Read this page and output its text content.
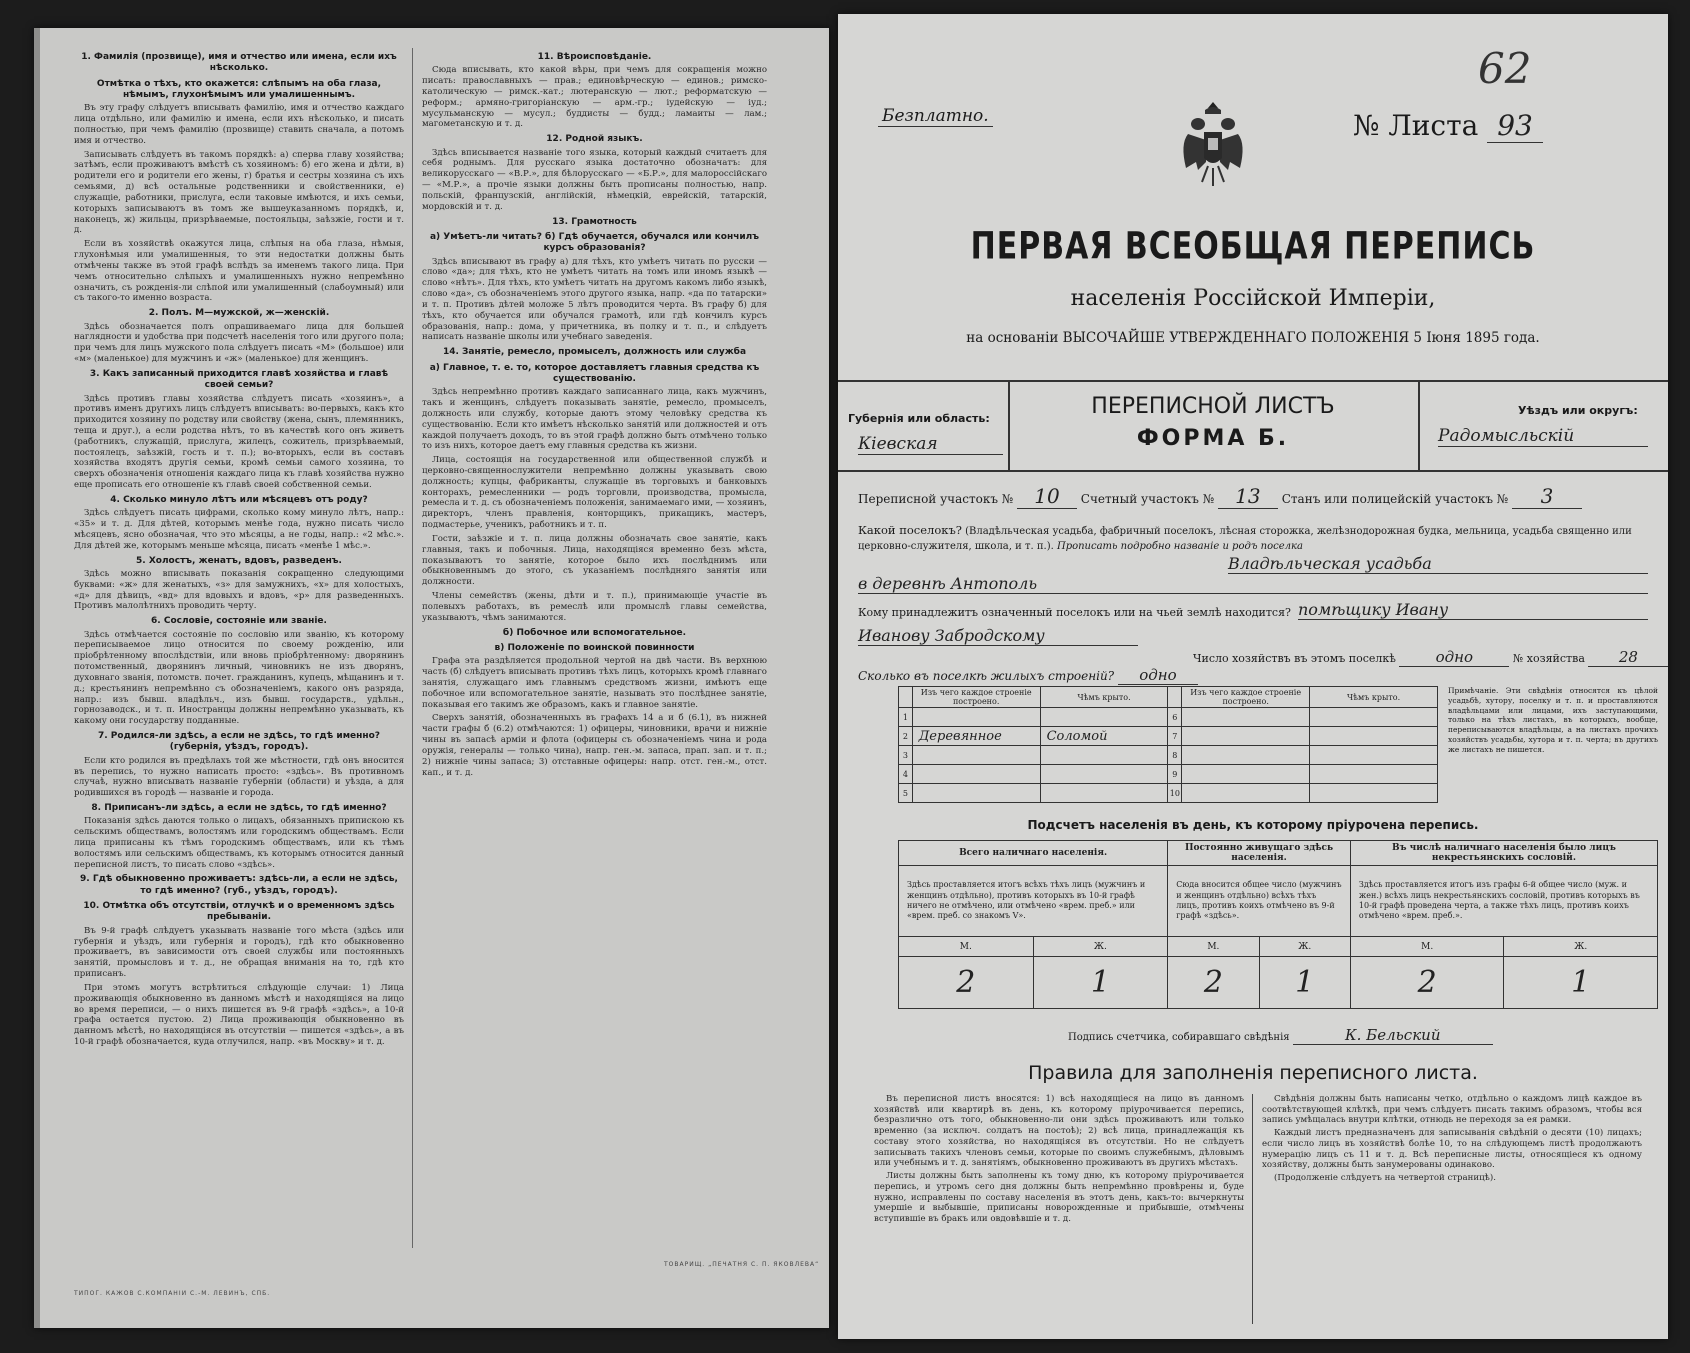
1. Фамилія (прозвище), имя и отчество или имена, если ихъ нѣсколько.
Отмѣтка о тѣхъ, кто окажется: слѣпымъ на оба глаза, нѣмымъ, глухонѣмымъ или умалишеннымъ.

Въ эту графу слѣдуетъ вписывать фамилію, имя и отчество каждаго лица отдѣльно, или фамилію и имена, если ихъ нѣсколько, и писать полностью, при чемъ фамилію (прозвище) ставить сначала, а потомъ имя и отчество.

Записывать слѣдуетъ въ такомъ порядкѣ: а) сперва главу хозяйства; затѣмъ, если проживаютъ вмѣстѣ съ хозяиномъ: б) его жена и дѣти, в) родители его и родители его жены, г) братья и сестры хозяина съ ихъ семьями, д) всѣ остальные родственники и свойственники, е) служащіе, работники, прислуга, если таковые имѣются, и ихъ семьи, которыхъ записываютъ въ томъ же вышеуказанномъ порядкѣ, и, наконецъ, ж) жильцы, призрѣваемые, постояльцы, заѣзжіе, гости и т. д.

Если въ хозяйствѣ окажутся лица, слѣпыя на оба глаза, нѣмыя, глухонѣмыя или умалишенныя, то эти недостатки должны быть отмѣчены также въ этой графѣ вслѣдъ за именемъ такого лица. При чемъ относительно слѣпыхъ и умалишенныхъ нужно непремѣнно означить, съ рожденія-ли слѣпой или умалишенный (слабоумный) или съ такого-то именно возраста.

2. Полъ. М—мужской, ж—женскій.

Здѣсь обозначается полъ опрашиваемаго лица для большей наглядности и удобства при подсчетѣ населенія того или другого пола; при чемъ для лицъ мужского пола слѣдуетъ писать «М» (большое) или «м» (маленькое) для мужчинъ и «ж» (маленькое) для женщинъ.

3. Какъ записанный приходится главѣ хозяйства и главѣ своей семьи?

Здѣсь противъ главы хозяйства слѣдуетъ писать «хозяинъ», а противъ именъ другихъ лицъ слѣдуетъ вписывать: во-первыхъ, какъ кто приходится хозяину по родству или свойству (жена, сынъ, племянникъ, теща и друг.), а если родства нѣтъ, то въ качествѣ кого онъ живетъ (работникъ, служащій, прислуга, жилецъ, сожитель, призрѣваемый, постоялецъ, заѣзжій, гость и т. п.); во-вторыхъ, если въ составъ хозяйства входятъ другія семьи, кромѣ семьи самого хозяина, то сверхъ обозначенія отношенія каждаго лица къ главѣ хозяйства нужно еще прописать его отношеніе къ главѣ своей собственной семьи.

4. Сколько минуло лѣтъ или мѣсяцевъ отъ роду?

Здѣсь слѣдуетъ писать цифрами, сколько кому минуло лѣтъ, напр.: «35» и т. д. Для дѣтей, которымъ менѣе года, нужно писать число мѣсяцевъ, ясно обозначая, что это мѣсяцы, а не годы, напр.: «2 мѣс.». Для дѣтей же, которымъ меньше мѣсяца, писать «менѣе 1 мѣс.».

5. Холостъ, женатъ, вдовъ, разведенъ.

Здѣсь можно вписывать показанія сокращенно следующими буквами: «ж» для женатыхъ, «з» для замужнихъ, «х» для холостыхъ, «д» для дѣвицъ, «вд» для вдовыхъ и вдовъ, «р» для разведенныхъ. Противъ малолѣтнихъ проводить черту.

6. Сословіе, состояніе или званіе.

Здѣсь отмѣчается состояніе по сословію или званію, къ которому переписываемое лицо относится по своему рожденію, или пріобрѣтенному впослѣдствіи, или вновь пріобрѣтенному: дворянинъ потомственный, дворянинъ личный, чиновникъ не изъ дворянъ, духовнаго званія, потомств. почет. гражданинъ, купецъ, мѣщанинъ и т. д.; крестьянинъ непремѣнно съ обозначеніемъ, какого онъ разряда, напр.: изъ бывш. владѣльч., изъ бывш. государств., удѣльн., горнозаводск., и т. п. Иностранцы должны непремѣнно указывать, къ какому они государству подданные.

7. Родился-ли здѣсь, а если не здѣсь, то гдѣ именно? (губернія, уѣздъ, городъ).

Если кто родился въ предѣлахъ той же мѣстности, гдѣ онъ вносится въ перепись, то нужно написать просто: «здѣсь». Въ противномъ случаѣ, нужно вписывать названіе губерніи (области) и уѣзда, а для родившихся въ городѣ — названіе и города.

8. Приписанъ-ли здѣсь, а если не здѣсь, то гдѣ именно?

Показанія здѣсь даются только о лицахъ, обязанныхъ припискою къ сельскимъ обществамъ, волостямъ или городскимъ обществамъ. Если лица приписаны къ тѣмъ городскимъ обществамъ, или къ тѣмъ волостямъ или сельскимъ обществамъ, къ которымъ относится данный переписной листъ, то писать слово «здѣсь».

9. Гдѣ обыкновенно проживаетъ: здѣсь-ли, а если не здѣсь, то гдѣ именно? (губ., уѣздъ, городъ).
10. Отмѣтка объ отсутствіи, отлучкѣ и о временномъ здѣсь пребываніи.

Въ 9-й графѣ слѣдуетъ указывать названіе того мѣста (здѣсь или губернія и уѣздъ, или губернія и городъ), гдѣ кто обыкновенно проживаетъ, въ зависимости отъ своей службы или постоянныхъ занятій, промысловъ и т. д., не обращая вниманія на то, гдѣ кто приписанъ.

При этомъ могутъ встрѣтиться слѣдующіе случаи: 1) Лица проживающія обыкновенно въ данномъ мѣстѣ и находящіяся на лицо во время переписи, — о нихъ пишется въ 9-й графѣ «здѣсь», а 10-й графа остается пустою. 2) Лица проживающія обыкновенно въ данномъ мѣстѣ, но находящіяся въ отсутствіи — пишется «здѣсь», а въ 10-й графѣ обозначается, куда отлучился, напр. «въ Москву» и т. д.

11. Вѣроисповѣданіе.

Сюда вписывать, кто какой вѣры, при чемъ для сокращенія можно писать: православныхъ — прав.; единовѣрческую — единов.; римско-католическую — римск.-кат.; лютеранскую — лют.; реформатскую — реформ.; армяно-григоріанскую — арм.-гр.; іудейскую — іуд.; мусульманскую — мусул.; буддисты — будд.; ламаиты — лам.; магометанскую и т. д.

12. Родной языкъ.

Здѣсь вписывается названіе того языка, который каждый считаетъ для себя роднымъ. Для русскаго языка достаточно обозначатъ: для великорусскаго — «В.Р.», для бѣлорусскаго — «Б.Р.», для малороссійскаго — «М.Р.», а прочіе языки должны быть прописаны полностью, напр. польскій, французскій, англійскій, нѣмецкій, еврейскій, татарскій, мордовскій и т. д.

13. Грамотность
а) Умѣетъ-ли читать? б) Гдѣ обучается, обучался или кончилъ курсъ образованія?

Здѣсь вписывают въ графу а) для тѣхъ, кто умѣетъ читать по русски — слово «да»; для тѣхъ, кто не умѣетъ читать на томъ или иномъ языкѣ — слово «нѣтъ». Для тѣхъ, кто умѣетъ читать на другомъ какомъ либо языкѣ, слово «да», съ обозначеніемъ этого другого языка, напр. «да по татарски» и т. п. Противъ дѣтей моложе 5 лѣтъ проводится черта. Въ графу б) для тѣхъ, кто обучается или обучался грамотѣ, или гдѣ кончилъ курсъ образованія, напр.: дома, у причетника, въ полку и т. п., и слѣдуетъ написать названіе школы или учебнаго заведенія.

14. Занятіе, ремесло, промыселъ, должность или служба
а) Главное, т. е. то, которое доставляетъ главныя средства къ существованію.

Здѣсь непремѣнно противъ каждаго записаннаго лица, какъ мужчинъ, такъ и женщинъ, слѣдуетъ показывать занятіе, ремесло, промыселъ, должность или службу, которые даютъ этому человѣку средства къ существованію. Если кто имѣетъ нѣсколько занятій или должностей и отъ каждой получаетъ доходъ, то въ этой графѣ должно быть отмѣчено только то изъ нихъ, которое даетъ ему главныя средства къ жизни.

Лица, состоящія на государственной или общественной службѣ и церковно-священнослужители непремѣнно должны указывать свою должность; купцы, фабриканты, служащіе въ торговыхъ и банковыхъ конторахъ, ремесленники — родъ торговли, производства, промысла, ремесла и т. д. съ обозначеніемъ положенія, занимаемаго ими, — хозяинъ, директоръ, членъ правленія, конторщикъ, прикащикъ, мастеръ, подмастерье, ученикъ, работникъ и т. п.

Гости, заѣзжіе и т. п. лица должны обозначать свое занятіе, какъ главныя, такъ и побочныя. Лица, находящіяся временно безъ мѣста, показываютъ то занятіе, которое было ихъ послѣднимъ или обыкновеннымъ до этого, съ указаніемъ послѣдняго занятія или должности.

Члены семействъ (жены, дѣти и т. п.), принимающіе участіе въ полевыхъ работахъ, въ ремеслѣ или промыслѣ главы семейства, указываютъ, чѣмъ занимаются.

б) Побочное или вспомогательное.
в) Положеніе по воинской повинности

Графа эта раздѣляется продольной чертой на двѣ части. Въ верхнюю часть (б) слѣдуетъ вписывать противъ тѣхъ лицъ, которыхъ кромѣ главнаго занятія, служащаго имъ главнымъ средствомъ жизни, имѣютъ еще побочное или вспомогательное занятіе, называть это послѣднее занятіе, показывая его такимъ же образомъ, какъ и главное занятіе.

Сверхъ занятій, обозначенныхъ въ графахъ 14 а и б (6.1), въ нижней части графы б (6.2) отмѣчаются: 1) офицеры, чиновники, врачи и нижніе чины въ запасѣ арміи и флота (офицеры съ обозначеніемъ чина и рода оружія, генералы — только чина), напр. ген.-м. запаса, прап. зап. и т. п.; 2) нижніе чины запаса; 3) отставные офицеры: напр. отст. ген.-м., отст. кап., и т. д.

ТИПОГ. КАЖОВ С.КОМПАНІИ С.-М. ЛЕВИНЪ, СПБ.
ТОВАРИЩ. „ПЕЧАТНЯ С. П. ЯКОВЛЕВА“
62
Безплатно.	№ Листа 93
ПЕРВАЯ ВСЕОБЩАЯ ПЕРЕПИСЬ
населенія Россійской Имперіи,
на основаніи ВЫСОЧАЙШЕ УТВЕРЖДЕННАГО ПОЛОЖЕНІЯ 5 Іюня 1895 года.
Губернія или область:
Кіевская
ПЕРЕПИСНОЙ ЛИСТЪ
ФОРМА Б.
Уѣздъ или округъ:
Радомысльскій
Переписной участокъ № 10 Счетный участокъ № 13 Станъ или полицейскій участокъ № 3
Какой поселокъ? (Владѣльческая усадьба, фабричный поселокъ, лѣсная сторожка, желѣзнодорожная будка, мельница, усадьба священно или церковно-служителя, школа, и т. п.). Прописать подробно названіе и родъ поселка
Владѣльческая усадьба
в деревнѣ Антополь
Кому принадлежитъ означенный поселокъ или на чьей землѣ находится? помѣщику Ивану
Иванову Забродскому
Число хозяйствъ въ этомъ поселкѣ	одно	№ хозяйства 28
Сколько въ поселкѣ жилыхъ строеній? одно
	Изъ чего каждое строеніе построено.	Чѣмъ крыто.		Изъ чего каждое строеніе построено.	Чѣмъ крыто.
1			6		
2	Деревянное	Соломой	7		
3			8		
4			9		
5			10		
Примѣчаніе. Эти свѣдѣнія относятся къ цѣлой усадьбѣ, хутору, поселку и т. п. и проставляются владѣльцами или лицами, ихъ заступающими, только на тѣхъ листахъ, въ которыхъ, вообще, переписываются владѣльцы, а на листахъ прочихъ хозяйствъ усадьбы, хутора и т. п. черта; въ другихъ же листахъ не пишется.
Подсчетъ населенія въ день, къ которому пріурочена перепись.
Всего наличнаго населенія.		Постоянно живущаго здѣсь населенія.		Въ числѣ наличнаго населенія было лицъ некрестьянскихъ сословій.	
Здѣсь проставляется итогъ всѣхъ тѣхъ лицъ (мужчинъ и женщинъ отдѣльно), противъ которыхъ въ 10-й графѣ ничего не отмѣчено, или отмѣчено «врем. преб.» или «врем. преб. со знакомъ V».		Сюда вносится общее число (мужчинъ и женщинъ отдѣльно) всѣхъ тѣхъ лицъ, противъ коихъ отмѣчено въ 9-й графѣ «здѣсь».		Здѣсь проставляется итогъ изъ графы 6-й общее число (муж. и жен.) всѣхъ лицъ некрестьянскихъ сословій, противъ которыхъ въ 10-й графѣ проведена черта, а также тѣхъ лицъ, противъ коихъ отмѣчено «врем. преб.».	
М.	Ж.	М.	Ж.	М.	Ж.
2	1	2	1	2	1
Подпись счетчика, собиравшаго свѣдѣнія	К. Бельский
Правила для заполненія переписного листа.

Въ переписной листъ вносятся: 1) всѣ находящіеся на лицо въ данномъ хозяйствѣ или квартирѣ въ день, къ которому пріурочивается перепись, безразлично отъ того, обыкновенно-ли они здѣсь проживаютъ или только временно (за исключ. солдатъ на постоѣ); 2) всѣ лица, принадлежащія къ составу этого хозяйства, но находящіяся въ отсутствіи. Но не слѣдуетъ записывать такихъ членовъ семьи, которые по своимъ служебнымъ, дѣловымъ или учебнымъ и т. д. занятіямъ, обыкновенно проживаютъ въ другихъ мѣстахъ.

Листы должны быть заполнены къ тому дню, къ которому пріурочивается перепись, и утромъ сего дня должны быть непремѣнно провѣрены и, буде нужно, исправлены по составу населенія въ этотъ день, какъ-то: вычеркнуты умершіе и выбывшіе, приписаны новорожденные и прибывшіе, отмѣчены вступившіе въ бракъ или овдовѣвшіе и т. д.

Свѣдѣнія должны быть написаны четко, отдѣльно о каждомъ лицѣ каждое въ соотвѣтствующей клѣткѣ, при чемъ слѣдуетъ писать такимъ образомъ, чтобы вся запись умѣщалась внутри клѣтки, отнюдь не переходя за ея рамки.

Каждый листъ предназначенъ для записыванія свѣдѣній о десяти (10) лицахъ; если число лицъ въ хозяйствѣ болѣе 10, то на слѣдующемъ листѣ продолжаютъ нумерацію лицъ съ 11 и т. д. Всѣ переписные листы, относящіеся къ одному хозяйству, должны быть занумерованы одинаково.

(Продолженіе слѣдуетъ на четвертой страницѣ).
